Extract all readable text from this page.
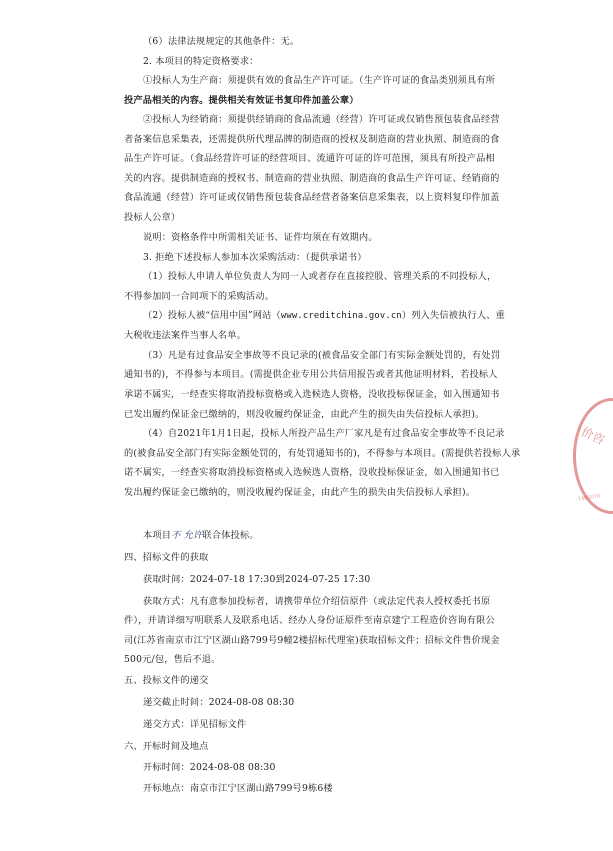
（6）法律法规规定的其他条件：无。
2. 本项目的特定资格要求：
①投标人为生产商：须提供有效的食品生产许可证。（生产许可证的食品类别须具有所
投产品相关的内容。提供相关有效证书复印件加盖公章）
②投标人为经销商：须提供经销商的食品流通（经营）许可证或仅销售预包装食品经营
者备案信息采集表，还需提供所代理品牌的制造商的授权及制造商的营业执照、制造商的食
品生产许可证。（食品经营许可证的经营项目、流通许可证的许可范围，须具有所投产品相
关的内容。提供制造商的授权书、制造商的营业执照、制造商的食品生产许可证、经销商的
食品流通（经营）许可证或仅销售预包装食品经营者备案信息采集表，以上资料复印件加盖
投标人公章）
说明：资格条件中所需相关证书、证件均须在有效期内。
3. 拒绝下述投标人参加本次采购活动：（提供承诺书）
（1）投标人申请人单位负责人为同一人或者存在直接控股、管理关系的不同投标人，
不得参加同一合同项下的采购活动。
（2）投标人被“信用中国”网站（www.creditchina.gov.cn）列入失信被执行人、重
大税收违法案件当事人名单。
（3）凡是有过食品安全事故等不良记录的(被食品安全部门有实际金额处罚的，有处罚
通知书的)，不得参与本项目。(需提供企业专用公共信用报告或者其他证明材料，若投标人
承诺不属实，一经查实将取消投标资格或入选候选人资格，没收投标保证金，如入围通知书
已发出履约保证金已缴纳的，则没收履约保证金，由此产生的损失由失信投标人承担)。
（4）自2021年1月1日起，投标人所投产品生产厂家凡是有过食品安全事故等不良记录
的(被食品安全部门有实际金额处罚的，有处罚通知书的)，不得参与本项目。(需提供若投标人承
诺不属实，一经查实将取消投标资格或入选候选人资格，没收投标保证金，如入围通知书已
发出履约保证金已缴纳的，则没收履约保证金，由此产生的损失由失信投标人承担)。
本项目不 允许联合体投标。
四、招标文件的获取
获取时间：2024-07-18 17:30到2024-07-25 17:30
获取方式：凡有意参加投标者，请携带单位介绍信原件（或法定代表人授权委托书原
件），并请详细写明联系人及联系电话、经办人身份证原件至南京建宁工程造价咨询有限公
司(江苏省南京市江宁区湖山路799号9幢2楼招标代理室)获取招标文件；招标文件售价现金
500元/包，售后不退。
五、投标文件的递交
递交截止时间：2024-08-08 08:30
递交方式：详见招标文件
六、开标时间及地点
开标时间：2024-08-08 08:30
开标地点：南京市江宁区湖山路799号9栋6楼
价咨
1402070
